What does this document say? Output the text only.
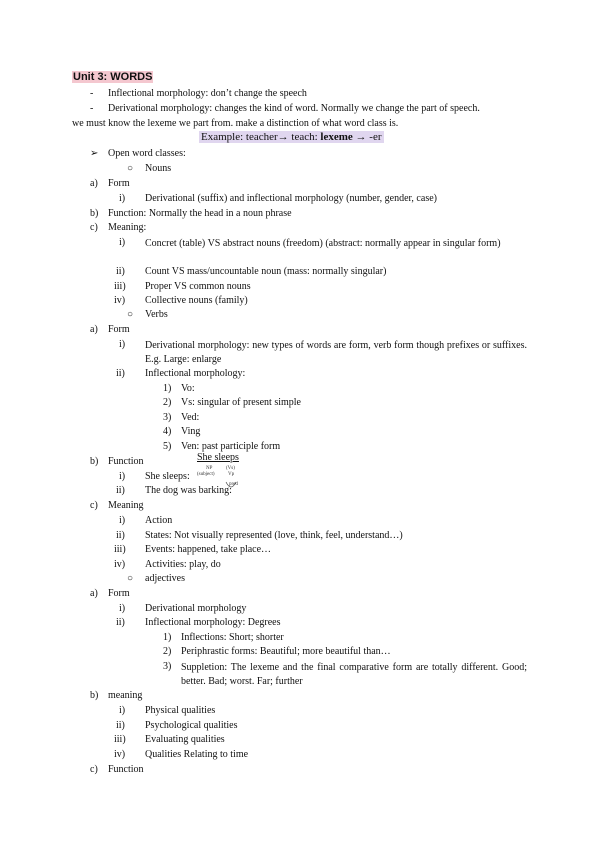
Unit 3: WORDS
- Inflectional morphology: don’t change the speech
- Derivational morphology: changes the kind of word. Normally we change the part of speech.
we must know the lexeme we part from. make a distinction of what word class is.
Example: teacher→ teach: lexeme → -er
➢ Open word classes:
○ Nouns
a) Form
i) Derivational (suffix) and inflectional morphology (number, gender, case)
b) Function: Normally the head in a noun phrase
c) Meaning:
i) Concret (table) VS abstract nouns (freedom) (abstract: normally appear in singular form)
ii) Count VS mass/uncountable noun (mass: normally singular)
iii) Proper VS common nouns
iv) Collective nouns (family)
○ Verbs
a) Form
i) Derivational morphology: new types of words are form, verb form though prefixes or suffixes. E.g. Large: enlarge
ii) Inflectional morphology:
1) Vo:
2) Vs: singular of present simple
3) Ved:
4) Ving
5) Ven: past participle form
b) Function	She sleeps
NP
(subject)
(Vs)
Vp
pred
i) She sleeps:
ii) The dog was barking:
c) Meaning
i) Action
ii) States: Not visually represented (love, think, feel, understand…)
iii) Events: happened, take place…
iv) Activities: play, do
○ adjectives
a) Form
i) Derivational morphology
ii) Inflectional morphology: Degrees
1) Inflections: Short; shorter
2) Periphrastic forms: Beautiful; more beautiful than…
3) Suppletion: The lexeme and the final comparative form are totally different. Good; better. Bad; worst. Far; further
b) meaning
i) Physical qualities
ii) Psychological qualities
iii) Evaluating qualities
iv) Qualities Relating to time
c) Function
